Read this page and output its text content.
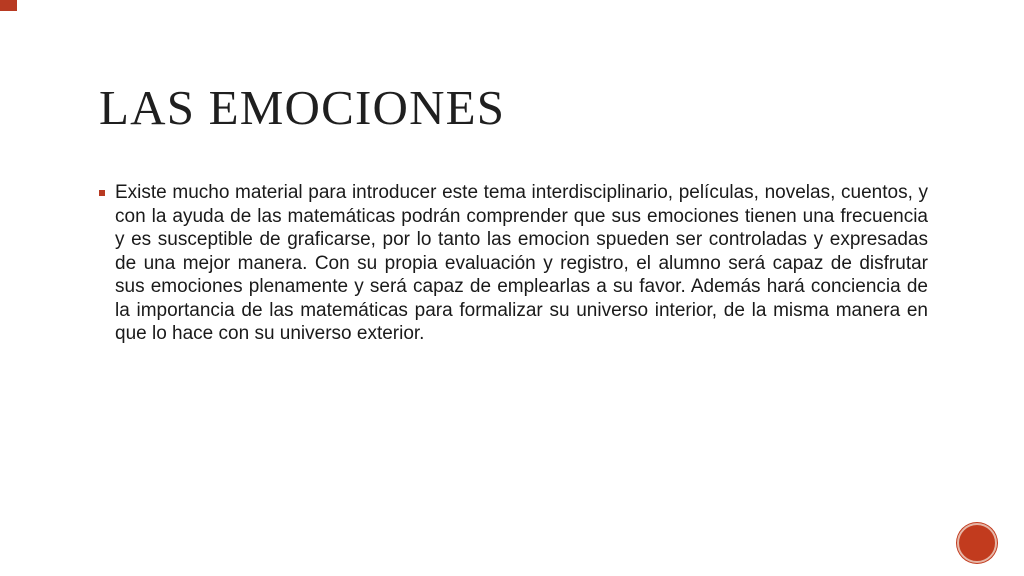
LAS EMOCIONES

Existe mucho material para introducer este tema interdisciplinario, películas, novelas, cuentos, y con la ayuda de las matemáticas podrán comprender que sus emociones tienen una frecuencia y es susceptible de graficarse, por lo tanto las emocion spueden ser controladas y expresadas de una mejor manera. Con su propia evaluación y registro, el alumno será capaz de disfrutar sus emociones plenamente y será capaz de emplearlas a su favor. Además hará conciencia de la importancia de las matemáticas para formalizar su universo interior, de la misma manera en que lo hace con su universo exterior.
